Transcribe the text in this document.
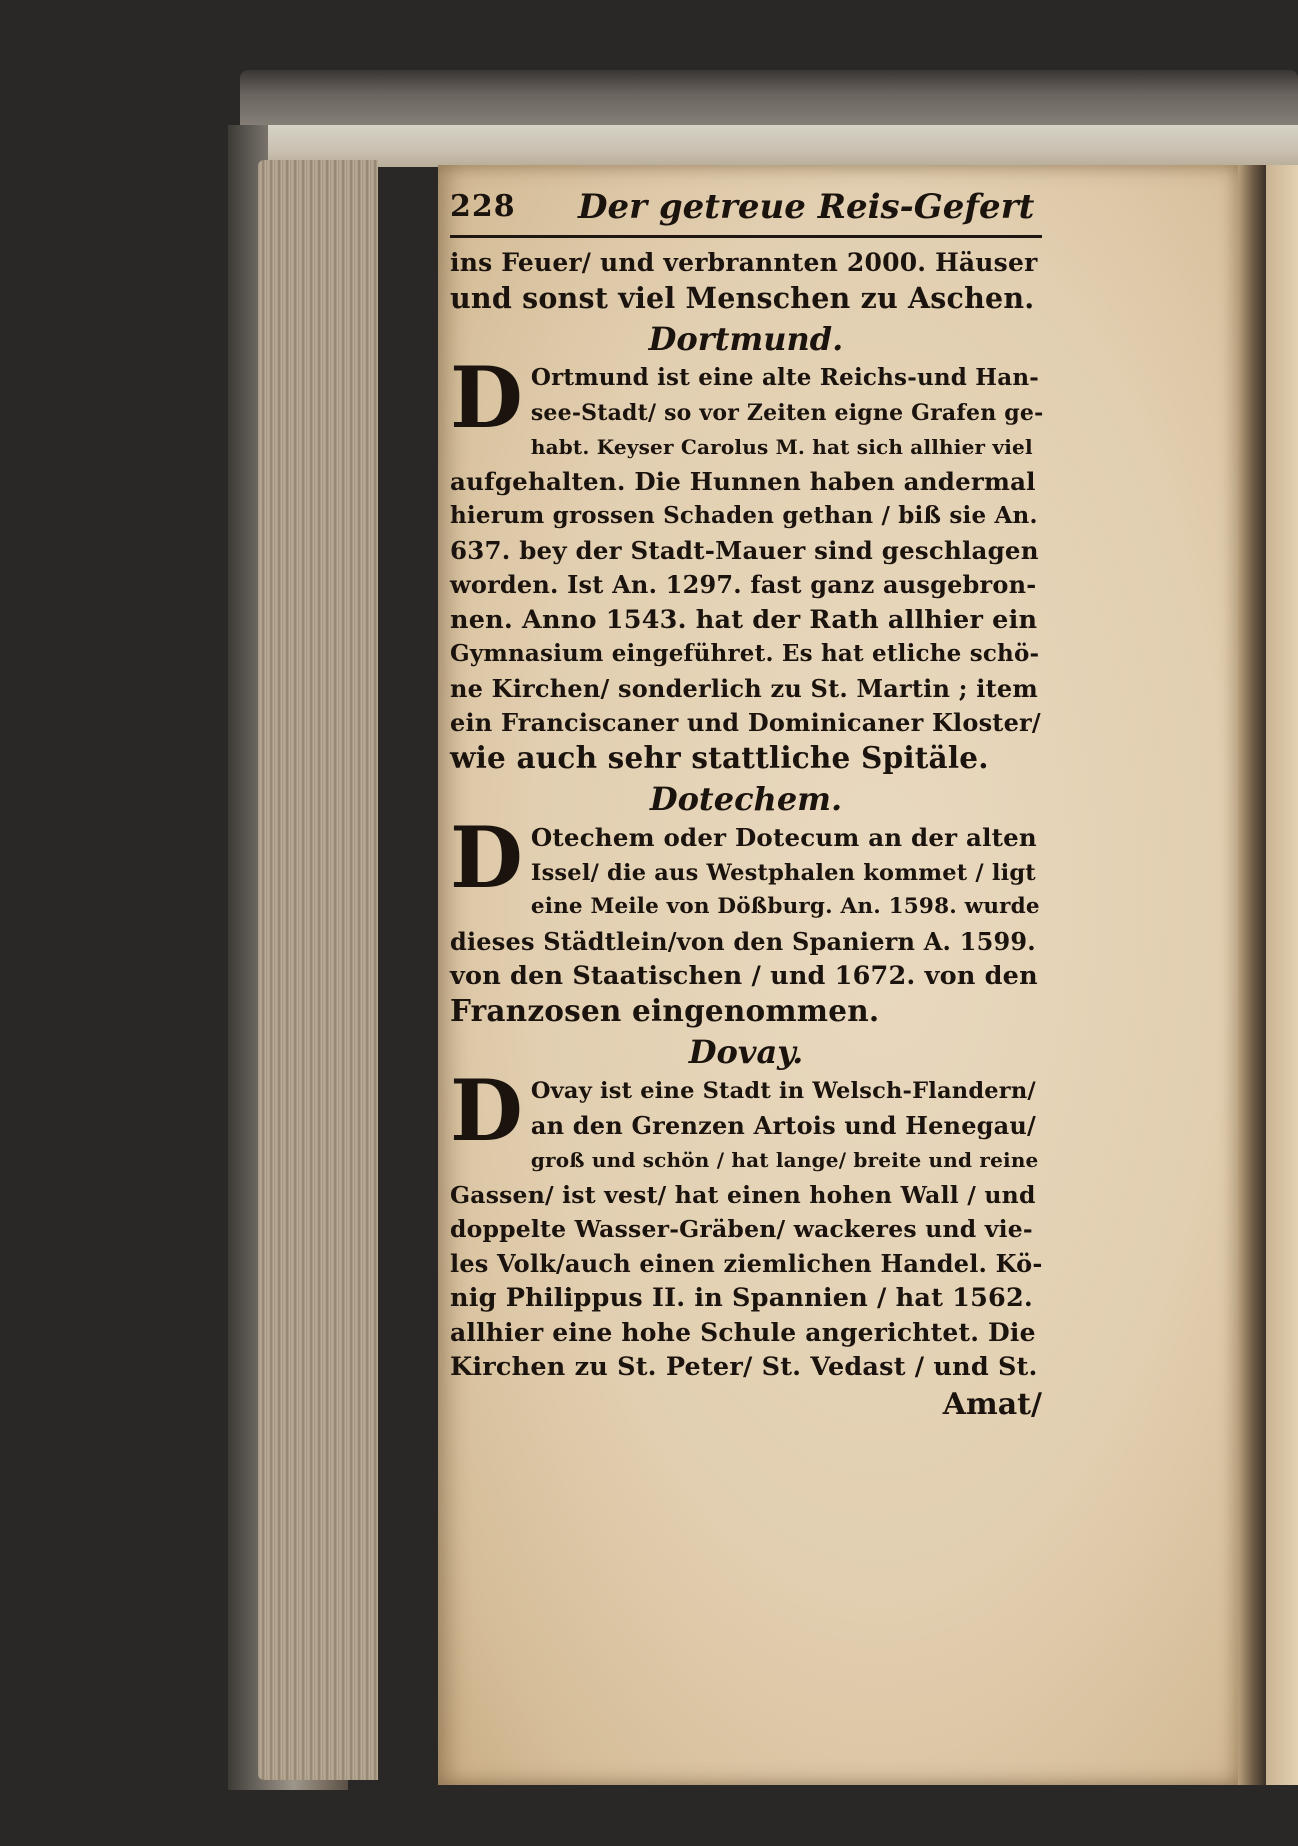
228 Der getreue Reis-Gefert
ins Feuer/ und verbrannten 2000. Häuser
und sonst viel Menschen zu Aschen.
Dortmund.
D Ortmund ist eine alte Reichs-und Han-
see-Stadt/ so vor Zeiten eigne Grafen ge-
habt. Keyser Carolus M. hat sich allhier viel
aufgehalten. Die Hunnen haben andermal
hierum grossen Schaden gethan / biß sie An.
637. bey der Stadt-Mauer sind geschlagen
worden. Ist An. 1297. fast ganz ausgebron-
nen. Anno 1543. hat der Rath allhier ein
Gymnasium eingeführet. Es hat etliche schö-
ne Kirchen/ sonderlich zu St. Martin ; item
ein Franciscaner und Dominicaner Kloster/
wie auch sehr stattliche Spitäle.
Dotechem.
D Otechem oder Dotecum an der alten
Issel/ die aus Westphalen kommet / ligt
eine Meile von Dößburg. An. 1598. wurde
dieses Städtlein/von den Spaniern A. 1599.
von den Staatischen / und 1672. von den
Franzosen eingenommen.
Dovay.
D Ovay ist eine Stadt in Welsch-Flandern/
an den Grenzen Artois und Henegau/
groß und schön / hat lange/ breite und reine
Gassen/ ist vest/ hat einen hohen Wall / und
doppelte Wasser-Gräben/ wackeres und vie-
les Volk/auch einen ziemlichen Handel. Kö-
nig Philippus II. in Spannien / hat 1562.
allhier eine hohe Schule angerichtet. Die
Kirchen zu St. Peter/ St. Vedast / und St.
Amat/
